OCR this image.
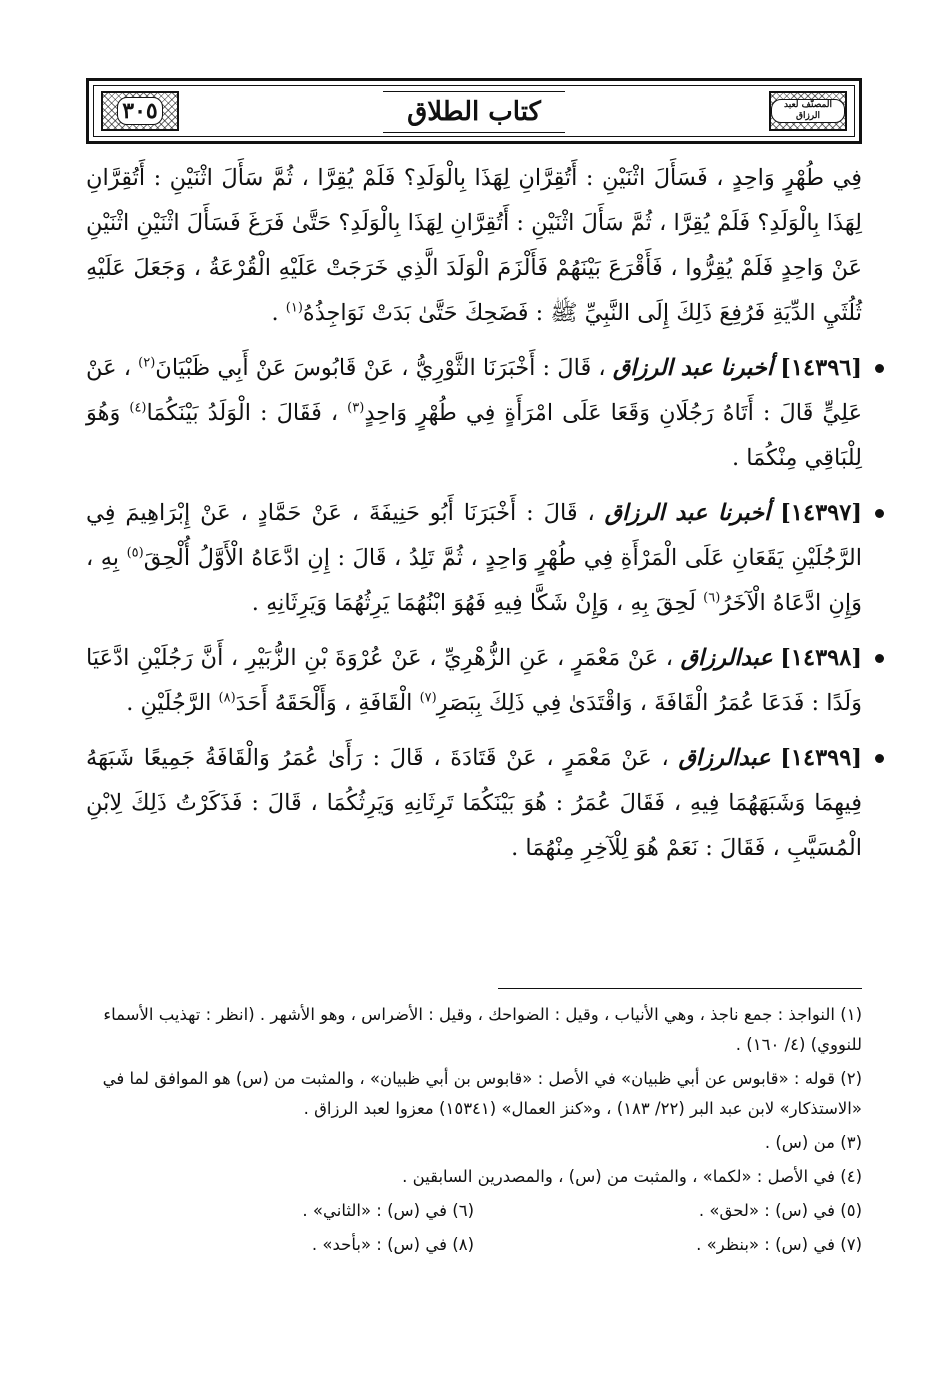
المصنّف لعبد الرزاق
كتاب الطلاق
٣٠٥

فِي طُهْرٍ وَاحِدٍ ، فَسَأَلَ اثْنَيْنِ : أَتُقِرَّانِ لِهَذَا بِالْوَلَدِ؟ فَلَمْ يُقِرَّا ، ثُمَّ سَأَلَ اثْنَيْنِ : أَتُقِرَّانِ لِهَذَا بِالْوَلَدِ؟ فَلَمْ يُقِرَّا ، ثُمَّ سَأَلَ اثْنَيْنِ : أَتُقِرَّانِ لِهَذَا بِالْوَلَدِ؟ حَتَّىٰ فَرَغَ فَسَأَلَ اثْنَيْنِ اثْنَيْنِ عَنْ وَاحِدٍ فَلَمْ يُقِرُّوا ، فَأَقْرَعَ بَيْنَهُمْ فَأَلْزَمَ الْوَلَدَ الَّذِي خَرَجَتْ عَلَيْهِ الْقُرْعَةُ ، وَجَعَلَ عَلَيْهِ ثُلُثَيِ الدِّيَةِ فَرُفِعَ ذَلِكَ إِلَى النَّبِيِّ ﷺ : فَضَحِكَ حَتَّىٰ بَدَتْ نَوَاجِذُهُ$^{(١)}$ .

[١٤٣٩٦] أخبرنا عبد الرزاق ، قَالَ : أَخْبَرَنَا الثَّوْرِيُّ ، عَنْ قَابُوسَ عَنْ أَبِي ظَبْيَانَ$^{(٢)}$ ، عَنْ عَلِيٍّ قَالَ : أَتَاهُ رَجُلَانِ وَقَعَا عَلَى امْرَأَةٍ فِي طُهْرٍ وَاحِدٍ$^{(٣)}$ ، فَقَالَ : الْوَلَدُ بَيْنَكُمَا$^{(٤)}$ وَهُوَ لِلْبَاقِي مِنْكُمَا .

[١٤٣٩٧] أخبرنا عبد الرزاق ، قَالَ : أَخْبَرَنَا أَبُو حَنِيفَةَ ، عَنْ حَمَّادٍ ، عَنْ إِبْرَاهِيمَ فِي الرَّجُلَيْنِ يَقَعَانِ عَلَى الْمَرْأَةِ فِي طُهْرٍ وَاحِدٍ ، ثُمَّ تَلِدُ ، قَالَ : إِنِ ادَّعَاهُ الْأَوَّلُ أُلْحِقَ$^{(٥)}$ بِهِ ، وَإِنِ ادَّعَاهُ الْآخَرُ$^{(٦)}$ لَحِقَ بِهِ ، وَإِنْ شَكَّا فِيهِ فَهُوَ ابْنُهُمَا يَرِثُهُمَا وَيَرِثَانِهِ .

[١٤٣٩٨] عبدالرزاق ، عَنْ مَعْمَرٍ ، عَنِ الزُّهْرِيِّ ، عَنْ عُرْوَةَ بْنِ الزُّبَيْرِ ، أَنَّ رَجُلَيْنِ ادَّعَيَا وَلَدًا : فَدَعَا عُمَرُ الْقَافَةَ ، وَاقْتَدَىٰ فِي ذَلِكَ بِبَصَرِ$^{(٧)}$ الْقَافَةِ ، وَأَلْحَقَهُ أَحَدَ$^{(٨)}$ الرَّجُلَيْنِ .

[١٤٣٩٩] عبدالرزاق ، عَنْ مَعْمَرٍ ، عَنْ قَتَادَةَ ، قَالَ : رَأَىٰ عُمَرُ وَالْقَافَةُ جَمِيعًا شَبَهَهُ فِيهِمَا وَشَبَهَهُمَا فِيهِ ، فَقَالَ عُمَرُ : هُوَ بَيْنَكُمَا تَرِثَانِهِ وَيَرِثُكُمَا ، قَالَ : فَذَكَرْتُ ذَلِكَ لِابْنِ الْمُسَيَّبِ ، فَقَالَ : نَعَمْ هُوَ لِلْآخِرِ مِنْهُمَا .

(١) النواجذ : جمع ناجذ ، وهي الأنياب ، وقيل : الضواحك ، وقيل : الأضراس ، وهو الأشهر . (انظر : تهذيب الأسماء للنووي) (٤/ ١٦٠) .

(٢) قوله : «قابوس عن أبي ظبيان» في الأصل : «قابوس بن أبي ظبيان» ، والمثبت من (س) هو الموافق لما في «الاستذكار» لابن عبد البر (٢٢/ ١٨٣) ، و«كنز العمال» (١٥٣٤١) معزوا لعبد الرزاق .

(٣) من (س) .

(٤) في الأصل : «لكما» ، والمثبت من (س) ، والمصدرين السابقين .

(٥) في (س) : «لحق» .

(٦) في (س) : «الثاني» .

(٧) في (س) : «بنظر» .

(٨) في (س) : «بأحد» .
